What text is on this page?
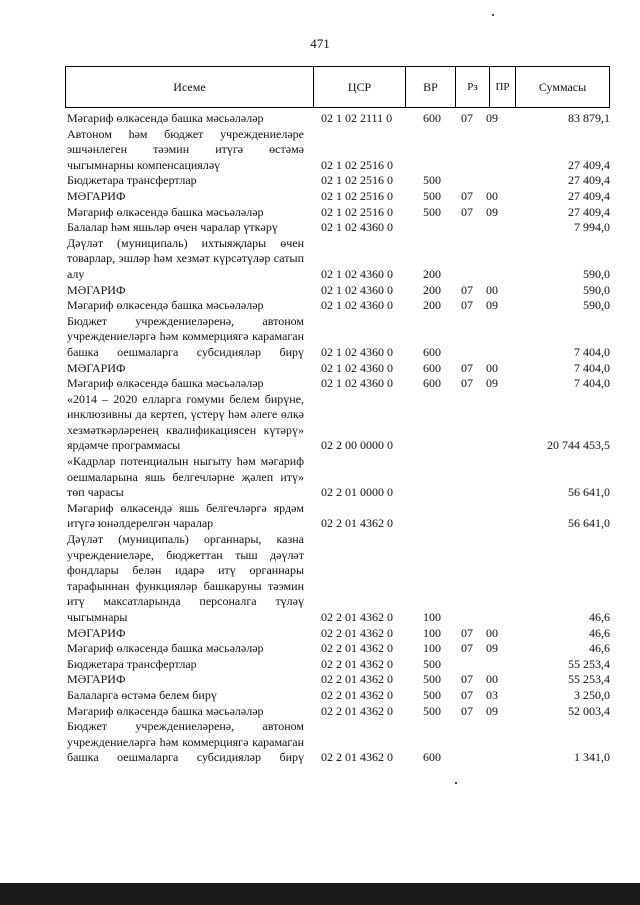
471
Исеме	ЦСР	ВР	Рз	ПР	Суммасы
Мәгариф өлкәсендә башка мәсьәләләр	02 1 02 2111 0	600 07 09	83 879,1
Автоном һәм бюджет учреждениеләре эшчәнлеген тәэмин итүгә өстәмә чыгымнарны компенсацияләү	02 1 02 2516 0	27 409,4
Бюджетара трансфертлар	02 1 02 2516 0	500	27 409,4
МӘГАРИФ	02 1 02 2516 0	500 07 00	27 409,4
Мәгариф өлкәсендә башка мәсьәләләр	02 1 02 2516 0	500 07 09	27 409,4
Балалар һәм яшьләр өчен чаралар үткәрү	02 1 02 4360 0	7 994,0
Дәүләт (муниципаль) ихтыяҗлары өчен товарлар, эшләр һәм хезмәт күрсәтүләр сатып алу	02 1 02 4360 0	200	590,0
МӘГАРИФ	02 1 02 4360 0	200 07 00	590,0
Мәгариф өлкәсендә башка мәсьәләләр	02 1 02 4360 0	200 07 09	590,0
Бюджет учреждениеләренә, автоном учреждениеләргә һәм коммерциягә карамаган башка оешмаларга субсидияләр бирү 02 1 02 4360 0	600	7 404,0
МӘГАРИФ	02 1 02 4360 0	600 07 00	7 404,0
Мәгариф өлкәсендә башка мәсьәләләр	02 1 02 4360 0	600 07 09	7 404,0
«2014 – 2020 елларга гомуми белем бирүне, инклюзивны да кертеп, үстерү һәм әлеге өлкә хезмәткәрләренең квалификациясен күтәрү» ярдәмче программасы	02 2 00 0000 0	20 744 453,5
«Кадрлар потенциалын ныгыту һәм мәгариф оешмаларына яшь белгечләрне җәлеп итү» төп чарасы	02 2 01 0000 0	56 641,0
Мәгариф өлкәсендә яшь белгечләргә ярдәм итүгә юнәлдерелгән чаралар	02 2 01 4362 0	56 641,0
Дәүләт (муниципаль) органнары, казна учреждениеләре, бюджеттан тыш дәүләт фондлары белән идарә итү органнары тарафыннан функцияләр башкаруны тәэмин итү максатларында персоналга түләү чыгымнары	02 2 01 4362 0	100	46,6
МӘГАРИФ	02 2 01 4362 0	100 07 00	46,6
Мәгариф өлкәсендә башка мәсьәләләр	02 2 01 4362 0	100 07 09	46,6
Бюджетара трансфертлар	02 2 01 4362 0	500	55 253,4
МӘГАРИФ	02 2 01 4362 0	500 07 00	55 253,4
Балаларга өстәмә белем бирү	02 2 01 4362 0	500 07 03	3 250,0
Мәгариф өлкәсендә башка мәсьәләләр	02 2 01 4362 0	500 07 09	52 003,4
Бюджет учреждениеләренә, автоном учреждениеләргә һәм коммерциягә карамаган башка оешмаларга субсидияләр бирү 02 2 01 4362 0	600	1 341,0
